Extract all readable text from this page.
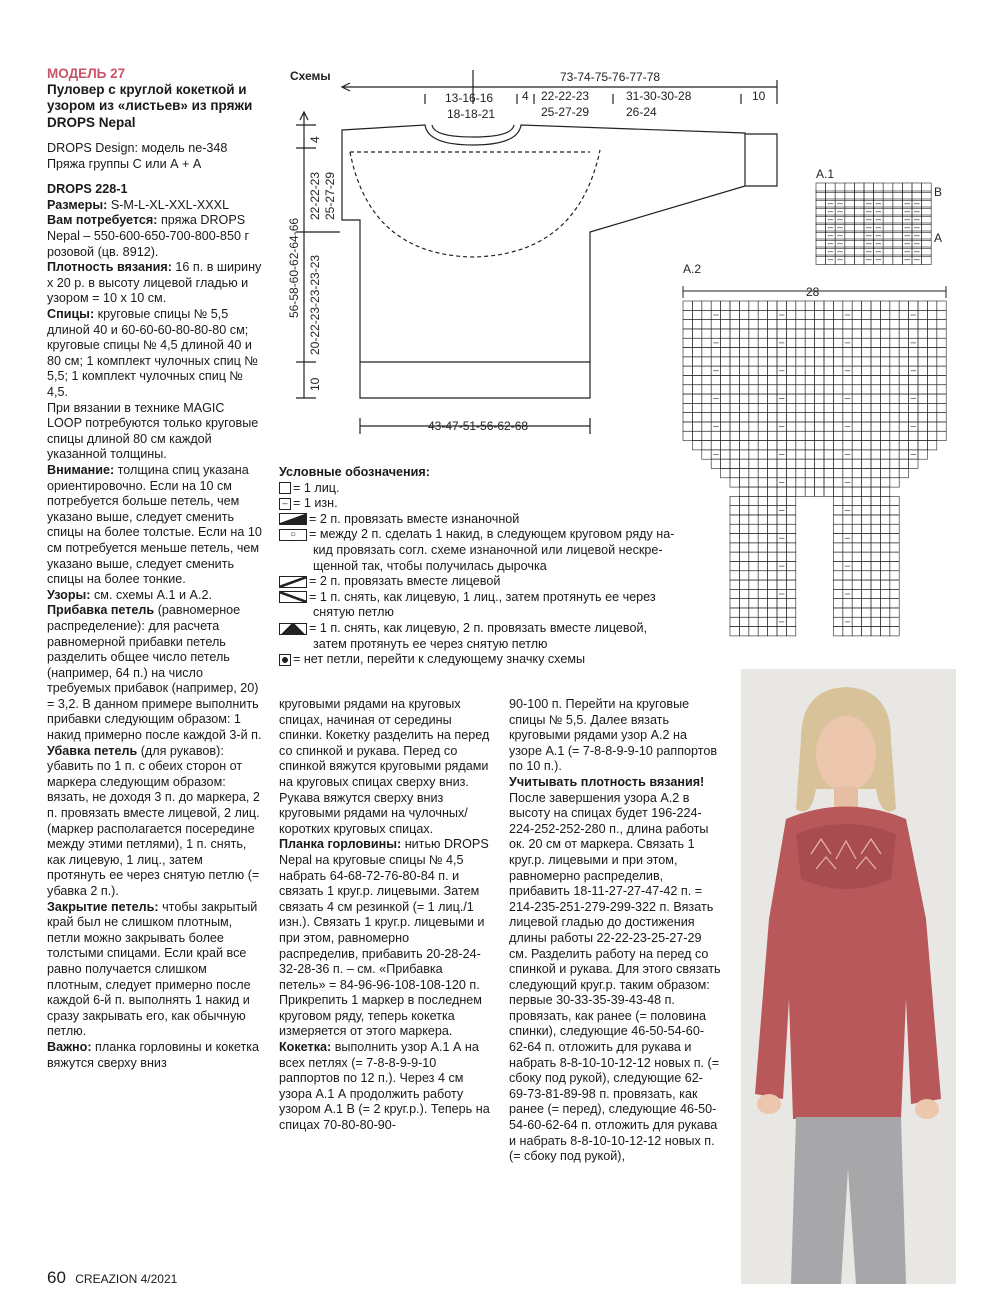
МОДЕЛЬ 27

Пуловер с круглой кокеткой и узором из «листьев» из пряжи DROPS Nepal

DROPS Design: модель ne-348

Пряжа группы С или А + А

DROPS 228-1

Размеры: S-M-L-XL-XXL-XXXL

Вам потребуется: пряжа DROPS Nepal – 550-600-650-700-800-850 г розовой (цв. 8912).

Плотность вязания: 16 п. в ширину х 20 р. в высоту лицевой гладью и узором = 10 х 10 см.

Спицы: круговые спицы № 5,5 длиной 40 и 60-60-60-80-80-80 см; круговые спицы № 4,5 длиной 40 и 80 см; 1 комплект чулочных спиц № 5,5; 1 комплект чулочных спиц № 4,5.

При вязании в технике MAGIC LOOP потребуются только круговые спицы длиной 80 см каждой указанной толщины.

Внимание: толщина спиц указана ориентировочно. Если на 10 см потребуется больше петель, чем указано выше, следует сменить спицы на более толстые. Если на 10 см потребуется меньше петель, чем указано выше, следует сменить спицы на более тонкие.

Узоры: см. схемы А.1 и А.2.

Прибавка петель (равномерное распределение): для расчета равномерной прибавки петель разделить общее число петель (например, 64 п.) на число требуемых прибавок (например, 20) = 3,2. В данном примере выполнить прибавки следующим образом: 1 накид примерно после каждой 3-й п.

Убавка петель (для рукавов): убавить по 1 п. с обеих сторон от маркера следующим образом: вязать, не доходя 3 п. до маркера, 2 п. провязать вместе лицевой, 2 лиц. (маркер располагается посередине между этими петлями), 1 п. снять, как лицевую, 1 лиц., затем протянуть ее через снятую петлю (= убавка 2 п.).

Закрытие петель: чтобы закрытый край был не слишком плотным, петли можно закрывать более толстыми спицами. Если край все равно получается слишком плотным, следует примерно после каждой 6-й п. выполнять 1 накид и сразу закрывать его, как обычную петлю.

Важно: планка горловины и кокетка вяжутся сверху вниз

круговыми рядами на круговых спицах, начиная от середины спинки. Кокетку разделить на перед со спинкой и рукава. Перед со спинкой вяжутся круговыми рядами на круговых спицах сверху вниз. Рукава вяжутся сверху вниз круговыми рядами на чулочных/коротких круговых спицах.

Планка горловины: нитью DROPS Nepal на круговые спицы № 4,5 набрать 64-68-72-76-80-84 п. и связать 1 круг.р. лицевыми. Затем связать 4 см резинкой (= 1 лиц./1 изн.). Связать 1 круг.р. лицевыми и при этом, равномерно распределив, прибавить 20-28-24-32-28-36 п. – см. «Прибавка петель» = 84-96-96-108-108-120 п. Прикрепить 1 маркер в последнем круговом ряду, теперь кокетка измеряется от этого маркера.

Кокетка: выполнить узор А.1 А на всех петлях (= 7-8-8-9-9-10 раппортов по 12 п.). Через 4 см узора А.1 А продолжить работу узором А.1 В (= 2 круг.р.). Теперь на спицах 70-80-80-90-

90-100 п. Перейти на круговые спицы № 5,5. Далее вязать круговыми рядами узор А.2 на узоре А.1 (= 7-8-8-9-9-10 раппортов по 10 п.).

Учитывать плотность вязания!

После завершения узора А.2 в высоту на спицах будет 196-224-224-252-252-280 п., длина работы ок. 20 см от маркера. Связать 1 круг.р. лицевыми и при этом, равномерно распределив, прибавить 18-11-27-27-47-42 п. = 214-235-251-279-299-322 п. Вязать лицевой гладью до достижения длины работы 22-22-23-25-27-29 см. Разделить работу на перед со спинкой и рукава. Для этого связать следующий круг.р. таким образом: первые 30-33-35-39-43-48 п. провязать, как ранее (= половина спинки), следующие 46-50-54-60-62-64 п. отложить для рукава и набрать 8-8-10-10-12-12 новых п. (= сбоку под рукой), следующие 62-69-73-81-89-98 п. провязать, как ранее (= перед), следующие 46-50-54-60-62-64 п. отложить для рукава и набрать 8-8-10-10-12-12 новых п. (= сбоку под рукой),

Схемы	73-74-75-76-77-78
13-16-16
18-18-21
4 22-22-23
25-27-29
31-30-30-28
26-24
10
4
22-22-23 25-27-29
56-58-60-62-64-66 20-22-23-23-23-23
10
43-47-51-56-62-68
А.1
В
А
А.2
28

Условные обозначения:

= 1 лиц.
– = 1 изн.
= 2 п. провязать вместе изнаночной
○ = между 2 п. сделать 1 накид, в следующем круговом ряду на-
кид провязать согл. схеме изнаночной или лицевой нескре-
щенной так, чтобы получилась дырочка
= 2 п. провязать вместе лицевой
= 1 п. снять, как лицевую, 1 лиц., затем протянуть ее через
снятую петлю
= 1 п. снять, как лицевую, 2 п. провязать вместе лицевой,
затем протянуть ее через снятую петлю
= нет петли, перейти к следующему значку схемы
60 CREAZION 4/2021
